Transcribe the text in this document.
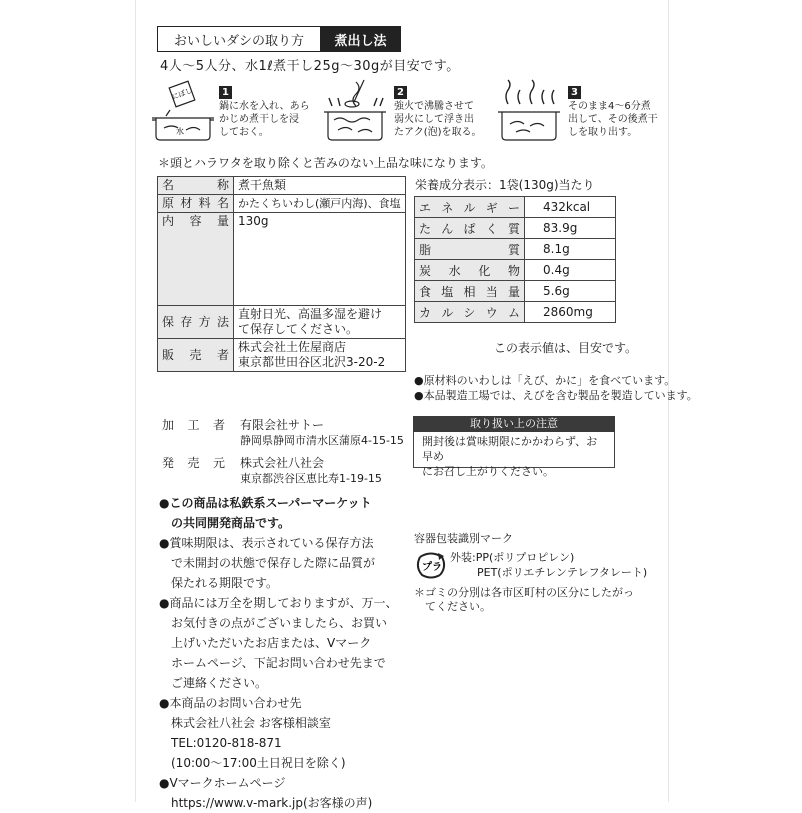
おいしいダシの取り方	煮出し法
4人～5人分、水1ℓ煮干し25g～30gが目安です。
にぼし
水
1
鍋に水を入れ、あら
かじめ煮干しを浸
しておく。
2
強火で沸騰させて
弱火にして浮き出
たアク(泡)を取る。
3
そのまま4～6分煮
出して、その後煮干
しを取り出す。
＊頭とハラワタを取り除くと苦みのない上品な味になります。
名　　称	煮干魚類
原材料名	かたくちいわし(瀬戸内海)、食塩
内 容 量	130g
保存方法	直射日光、高温多湿を避け
て保存してください。

販 売 者	株式会社土佐屋商店
東京都世田谷区北沢3-20-2
加 工 者 有限会社サトー
静岡県静岡市清水区蒲原4-15-15
発 売 元 株式会社八社会
東京都渋谷区恵比寿1-19-15
栄養成分表示：1袋(130g)当たり
エネルギー	432kcal
たんぱく質	83.9g
脂　　質	8.1g
炭水化物	0.4g
食塩相当量	5.6g
カルシウム	2860mg
この表示値は、目安です。
●原材料のいわしは「えび、かに」を食べています。
●本品製造工場では、えびを含む製品を製造しています。
取り扱い上の注意
開封後は賞味期限にかかわらず、お早め
にお召し上がりください。

●この商品は私鉄系スーパーマーケット

　の共同開発商品です。

●賞味期限は、表示されている保存方法

　で未開封の状態で保存した際に品質が

　保たれる期限です。

●商品には万全を期しておりますが、万一、

　お気付きの点がございましたら、お買い

　上げいただいたお店または、Vマーク

　ホームページ、下記お問い合わせ先まで

　ご連絡ください。

●本商品のお問い合わせ先

　株式会社八社会 お客様相談室

　TEL:0120-818-871

　(10:00～17:00土日祝日を除く)

●Vマークホームページ

　https://www.v-mark.jp(お客様の声)

容器包装識別マーク
プラ
外装:PP(ポリプロピレン)
PET(ポリエチレンテレフタレート)
＊ゴミの分別は各市区町村の区分にしたがっ
てください。
